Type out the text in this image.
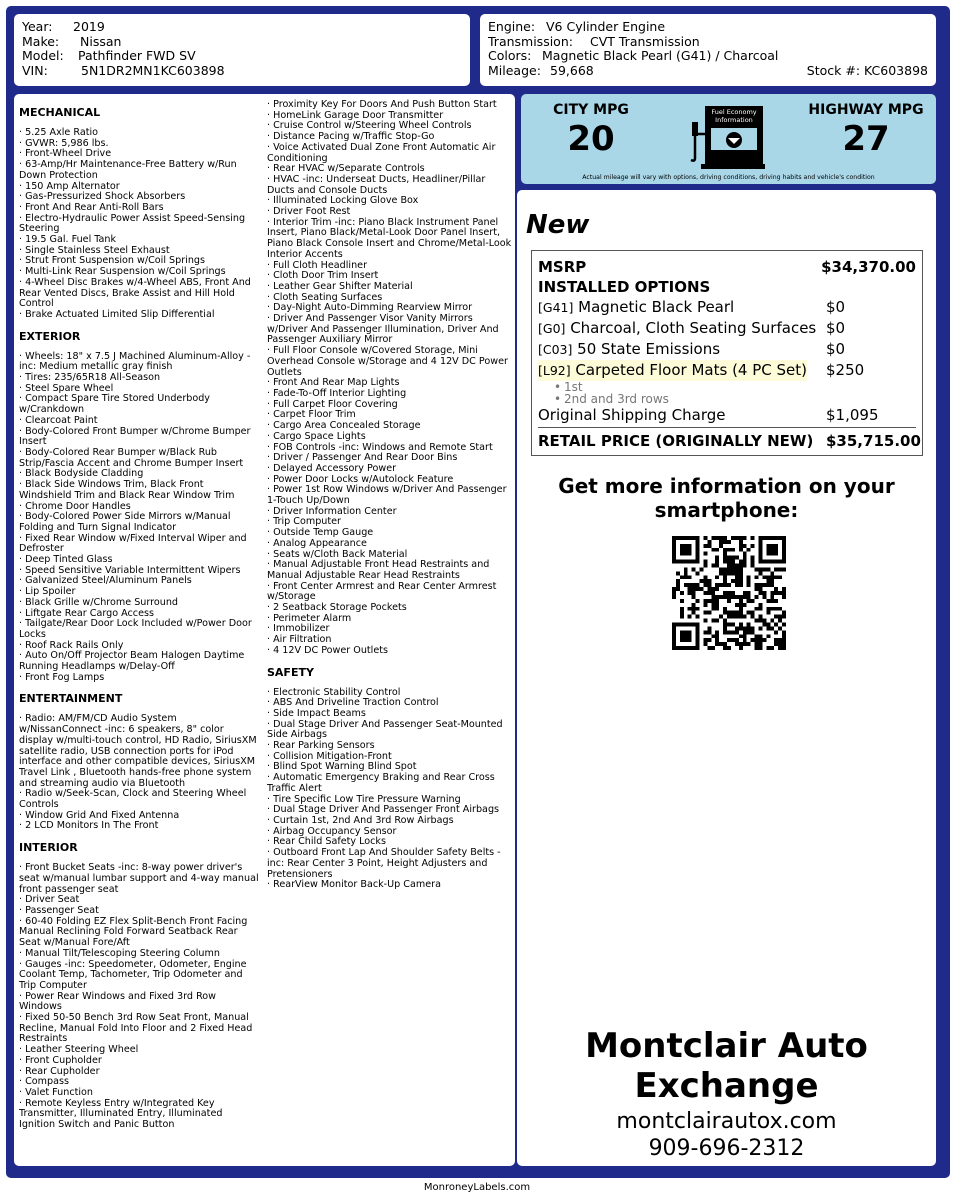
Year:	2019
Make:	Nissan
Model:	Pathfinder FWD SV
VIN:	5N1DR2MN1KC603898
Engine: V6 Cylinder Engine
Transmission:	CVT Transmission
Colors: Magnetic Black Pearl (G41) / Charcoal
Mileage: 59,668	Stock #: KC603898
MECHANICAL
· 5.25 Axle Ratio
· GVWR: 5,986 lbs.
· Front-Wheel Drive
· 63-Amp/Hr Maintenance-Free Battery w/Run Down Protection
· 150 Amp Alternator
· Gas-Pressurized Shock Absorbers
· Front And Rear Anti-Roll Bars
· Electro-Hydraulic Power Assist Speed-Sensing Steering
· 19.5 Gal. Fuel Tank
· Single Stainless Steel Exhaust
· Strut Front Suspension w/Coil Springs
· Multi-Link Rear Suspension w/Coil Springs
· 4-Wheel Disc Brakes w/4-Wheel ABS, Front And Rear Vented Discs, Brake Assist and Hill Hold Control
· Brake Actuated Limited Slip Differential
EXTERIOR
· Wheels: 18" x 7.5 J Machined Aluminum-Alloy -inc: Medium metallic gray finish
· Tires: 235/65R18 All-Season
· Steel Spare Wheel
· Compact Spare Tire Stored Underbody w/Crankdown
· Clearcoat Paint
· Body-Colored Front Bumper w/Chrome Bumper Insert
· Body-Colored Rear Bumper w/Black Rub Strip/Fascia Accent and Chrome Bumper Insert
· Black Bodyside Cladding
· Black Side Windows Trim, Black Front Windshield Trim and Black Rear Window Trim
· Chrome Door Handles
· Body-Colored Power Side Mirrors w/Manual Folding and Turn Signal Indicator
· Fixed Rear Window w/Fixed Interval Wiper and Defroster
· Deep Tinted Glass
· Speed Sensitive Variable Intermittent Wipers
· Galvanized Steel/Aluminum Panels
· Lip Spoiler
· Black Grille w/Chrome Surround
· Liftgate Rear Cargo Access
· Tailgate/Rear Door Lock Included w/Power Door Locks
· Roof Rack Rails Only
· Auto On/Off Projector Beam Halogen Daytime Running Headlamps w/Delay-Off
· Front Fog Lamps
ENTERTAINMENT
· Radio: AM/FM/CD Audio System w/NissanConnect -inc: 6 speakers, 8" color display w/multi-touch control, HD Radio, SiriusXM satellite radio, USB connection ports for iPod interface and other compatible devices, SiriusXM Travel Link , Bluetooth hands-free phone system and streaming audio via Bluetooth
· Radio w/Seek-Scan, Clock and Steering Wheel Controls
· Window Grid And Fixed Antenna
· 2 LCD Monitors In The Front
INTERIOR
· Front Bucket Seats -inc: 8-way power driver's seat w/manual lumbar support and 4-way manual front passenger seat
· Driver Seat
· Passenger Seat
· 60-40 Folding EZ Flex Split-Bench Front Facing Manual Reclining Fold Forward Seatback Rear Seat w/Manual Fore/Aft
· Manual Tilt/Telescoping Steering Column
· Gauges -inc: Speedometer, Odometer, Engine Coolant Temp, Tachometer, Trip Odometer and Trip Computer
· Power Rear Windows and Fixed 3rd Row Windows
· Fixed 50-50 Bench 3rd Row Seat Front, Manual Recline, Manual Fold Into Floor and 2 Fixed Head Restraints
· Leather Steering Wheel
· Front Cupholder
· Rear Cupholder
· Compass
· Valet Function
· Remote Keyless Entry w/Integrated Key Transmitter, Illuminated Entry, Illuminated Ignition Switch and Panic Button
· Proximity Key For Doors And Push Button Start
· HomeLink Garage Door Transmitter
· Cruise Control w/Steering Wheel Controls
· Distance Pacing w/Traffic Stop-Go
· Voice Activated Dual Zone Front Automatic Air Conditioning
· Rear HVAC w/Separate Controls
· HVAC -inc: Underseat Ducts, Headliner/Pillar Ducts and Console Ducts
· Illuminated Locking Glove Box
· Driver Foot Rest
· Interior Trim -inc: Piano Black Instrument Panel Insert, Piano Black/Metal-Look Door Panel Insert, Piano Black Console Insert and Chrome/Metal-Look Interior Accents
· Full Cloth Headliner
· Cloth Door Trim Insert
· Leather Gear Shifter Material
· Cloth Seating Surfaces
· Day-Night Auto-Dimming Rearview Mirror
· Driver And Passenger Visor Vanity Mirrors w/Driver And Passenger Illumination, Driver And Passenger Auxiliary Mirror
· Full Floor Console w/Covered Storage, Mini Overhead Console w/Storage and 4 12V DC Power Outlets
· Front And Rear Map Lights
· Fade-To-Off Interior Lighting
· Full Carpet Floor Covering
· Carpet Floor Trim
· Cargo Area Concealed Storage
· Cargo Space Lights
· FOB Controls -inc: Windows and Remote Start
· Driver / Passenger And Rear Door Bins
· Delayed Accessory Power
· Power Door Locks w/Autolock Feature
· Power 1st Row Windows w/Driver And Passenger 1-Touch Up/Down
· Driver Information Center
· Trip Computer
· Outside Temp Gauge
· Analog Appearance
· Seats w/Cloth Back Material
· Manual Adjustable Front Head Restraints and Manual Adjustable Rear Head Restraints
· Front Center Armrest and Rear Center Armrest w/Storage
· 2 Seatback Storage Pockets
· Perimeter Alarm
· Immobilizer
· Air Filtration
· 4 12V DC Power Outlets
SAFETY
· Electronic Stability Control
· ABS And Driveline Traction Control
· Side Impact Beams
· Dual Stage Driver And Passenger Seat-Mounted Side Airbags
· Rear Parking Sensors
· Collision Mitigation-Front
· Blind Spot Warning Blind Spot
· Automatic Emergency Braking and Rear Cross Traffic Alert
· Tire Specific Low Tire Pressure Warning
· Dual Stage Driver And Passenger Front Airbags
· Curtain 1st, 2nd And 3rd Row Airbags
· Airbag Occupancy Sensor
· Rear Child Safety Locks
· Outboard Front Lap And Shoulder Safety Belts -inc: Rear Center 3 Point, Height Adjusters and Pretensioners
· RearView Monitor Back-Up Camera
CITY MPG
20
Fuel Economy
Information
HIGHWAY MPG
27
Actual mileage will vary with options, driving conditions, driving habits and vehicle's condition
New
MSRP	$34,370.00
INSTALLED OPTIONS
[G41] Magnetic Black Pearl	$0
[G0] Charcoal, Cloth Seating Surfaces $0
[C03] 50 State Emissions	$0
[L92] Carpeted Floor Mats (4 PC Set) $250
• 1st
• 2nd and 3rd rows
Original Shipping Charge	$1,095
RETAIL PRICE (ORIGINALLY NEW) $35,715.00
Get more information on your
smartphone:
Montclair Auto
Exchange
montclairautox.com
909-696-2312
MonroneyLabels.com
